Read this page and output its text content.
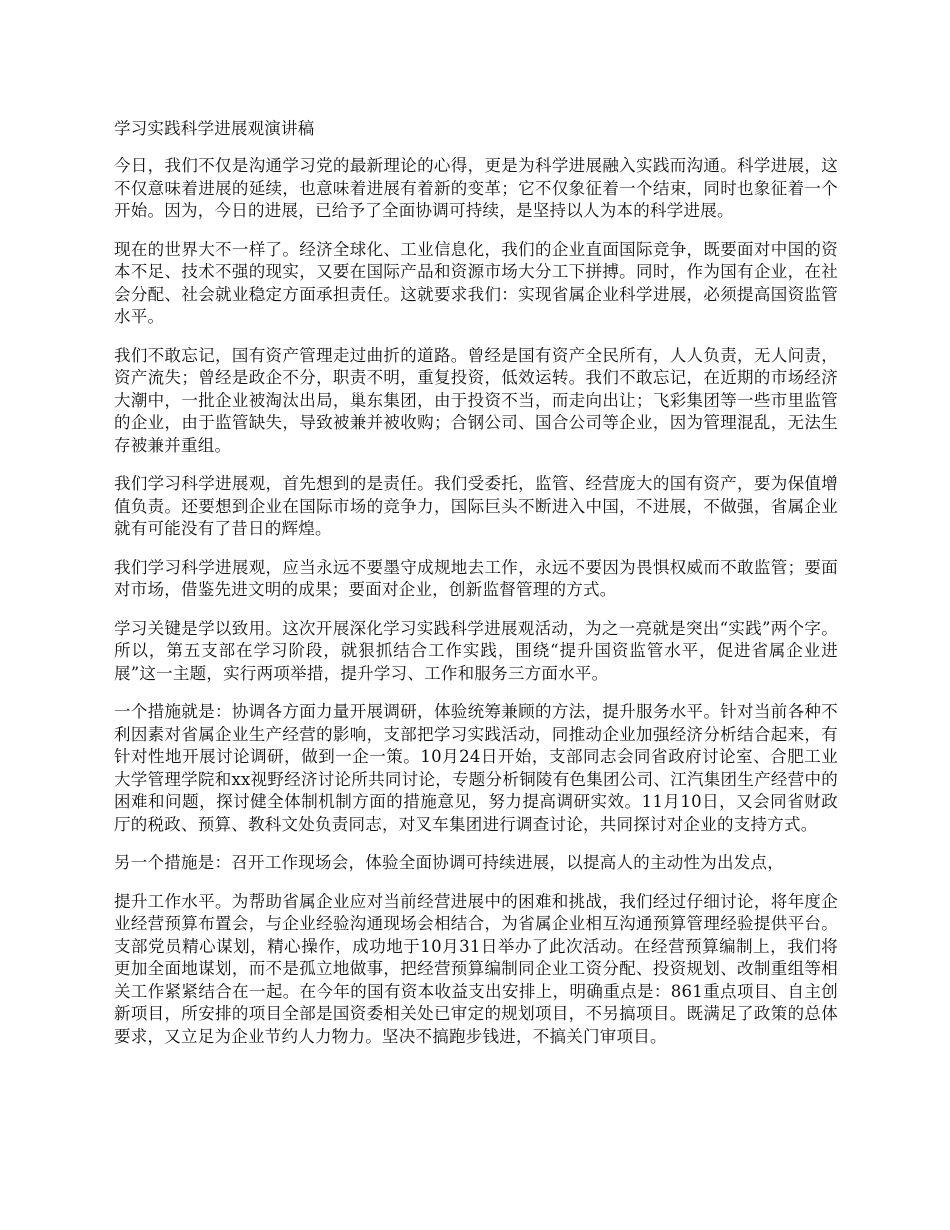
学习实践科学进展观演讲稿

今日，我们不仅是沟通学习党的最新理论的心得，更是为科学进展融入实践而沟通。科学进展，这不仅意味着进展的延续，也意味着进展有着新的变革；它不仅象征着一个结束，同时也象征着一个开始。因为，今日的进展，已给予了全面协调可持续，是坚持以人为本的科学进展。

现在的世界大不一样了。经济全球化、工业信息化，我们的企业直面国际竞争，既要面对中国的资本不足、技术不强的现实，又要在国际产品和资源市场大分工下拼搏。同时，作为国有企业，在社会分配、社会就业稳定方面承担责任。这就要求我们：实现省属企业科学进展，必须提高国资监管水平。

我们不敢忘记，国有资产管理走过曲折的道路。曾经是国有资产全民所有，人人负责，无人问责，资产流失；曾经是政企不分，职责不明，重复投资，低效运转。我们不敢忘记，在近期的市场经济大潮中，一批企业被淘汰出局，巢东集团，由于投资不当，而走向出让；飞彩集团等一些市里监管的企业，由于监管缺失，导致被兼并被收购；合钢公司、国合公司等企业，因为管理混乱，无法生存被兼并重组。

我们学习科学进展观，首先想到的是责任。我们受委托，监管、经营庞大的国有资产，要为保值增值负责。还要想到企业在国际市场的竞争力，国际巨头不断进入中国，不进展，不做强，省属企业就有可能没有了昔日的辉煌。

我们学习科学进展观，应当永远不要墨守成规地去工作，永远不要因为畏惧权威而不敢监管；要面对市场，借鉴先进文明的成果；要面对企业，创新监督管理的方式。

学习关键是学以致用。这次开展深化学习实践科学进展观活动，为之一亮就是突出“实践”两个字。所以，第五支部在学习阶段，就狠抓结合工作实践，围绕“提升国资监管水平，促进省属企业进展”这一主题，实行两项举措，提升学习、工作和服务三方面水平。

一个措施就是：协调各方面力量开展调研，体验统筹兼顾的方法，提升服务水平。针对当前各种不利因素对省属企业生产经营的影响，支部把学习实践活动，同推动企业加强经济分析结合起来，有针对性地开展讨论调研，做到一企一策。10月24日开始，支部同志会同省政府讨论室、合肥工业大学管理学院和xx视野经济讨论所共同讨论，专题分析铜陵有色集团公司、江汽集团生产经营中的困难和问题，探讨健全体制机制方面的措施意见，努力提高调研实效。11月10日，又会同省财政厅的税政、预算、教科文处负责同志，对叉车集团进行调查讨论，共同探讨对企业的支持方式。

另一个措施是：召开工作现场会，体验全面协调可持续进展，以提高人的主动性为出发点，

提升工作水平。为帮助省属企业应对当前经营进展中的困难和挑战，我们经过仔细讨论，将年度企业经营预算布置会，与企业经验沟通现场会相结合，为省属企业相互沟通预算管理经验提供平台。支部党员精心谋划，精心操作，成功地于10月31日举办了此次活动。在经营预算编制上，我们将更加全面地谋划，而不是孤立地做事，把经营预算编制同企业工资分配、投资规划、改制重组等相关工作紧紧结合在一起。在今年的国有资本收益支出安排上，明确重点是：861重点项目、自主创新项目，所安排的项目全部是国资委相关处已审定的规划项目，不另搞项目。既满足了政策的总体要求，又立足为企业节约人力物力。坚决不搞跑步钱进，不搞关门审项目。
